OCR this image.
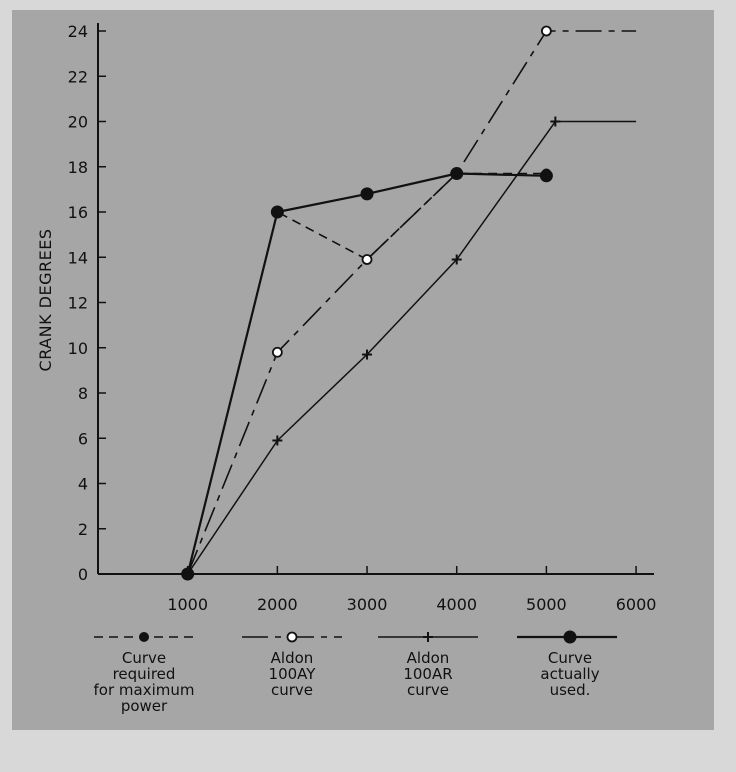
0
2
4
6
8
10
12
14
16
18
20
22
24
1000	2000	3000	4000	5000	6000
Curve
required
for maximum
power
Aldon
100AY
curve
Aldon
100AR
curve
Curve
actually
used.
CRANK DEGREES
